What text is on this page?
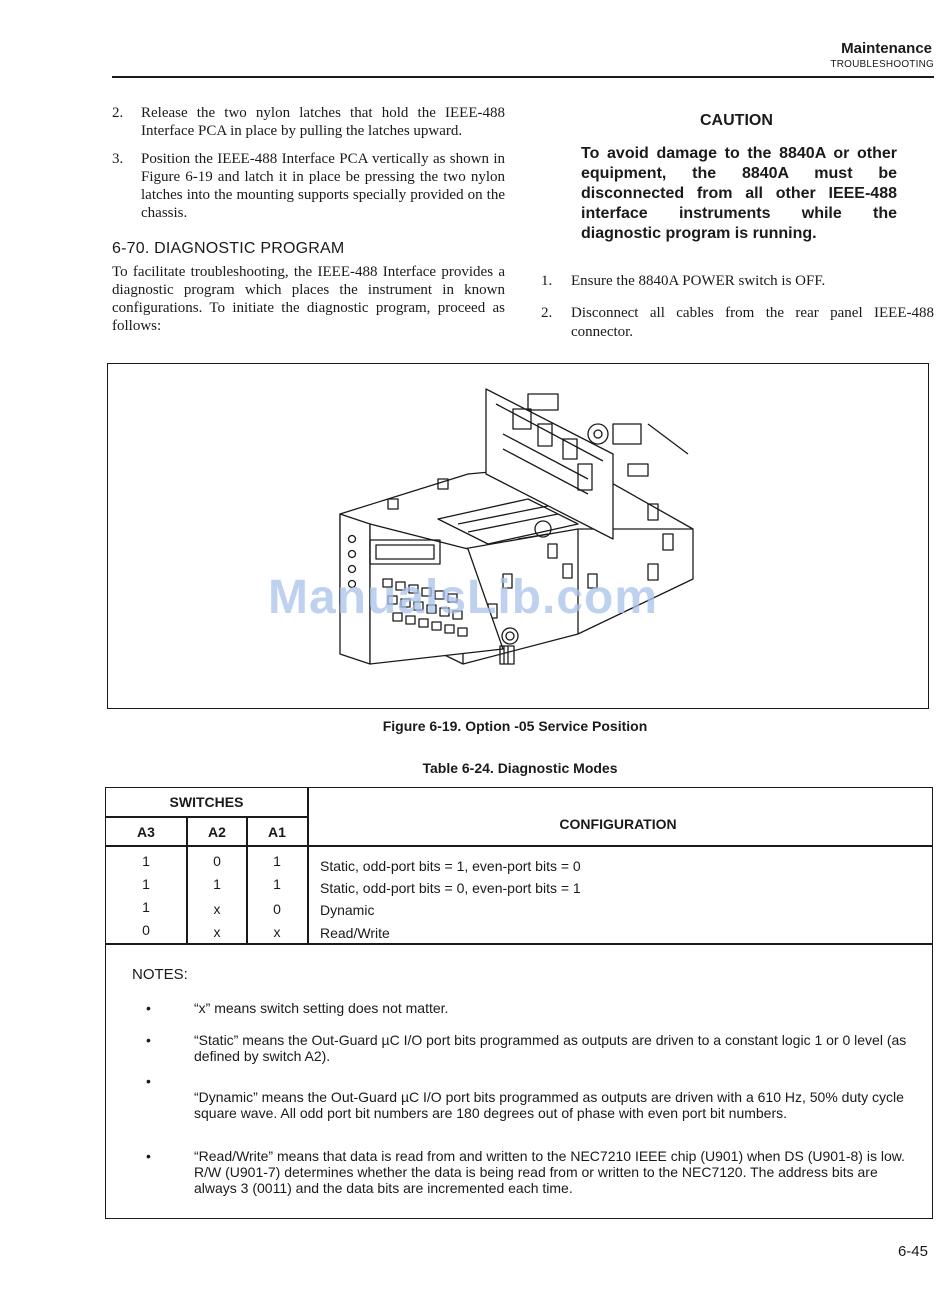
Maintenance
TROUBLESHOOTING
2.	Release the two nylon latches that hold the IEEE-488 Interface PCA in place by pulling the latches upward.
3.	Position the IEEE-488 Interface PCA vertically as shown in Figure 6-19 and latch it in place be pressing the two nylon latches into the mounting supports specially provided on the chassis.
6-70. DIAGNOSTIC PROGRAM
To facilitate troubleshooting, the IEEE-488 Interface provides a diagnostic program which places the instrument in known configurations. To initiate the diagnostic program, proceed as follows:
CAUTION
To avoid damage to the 8840A or other equipment, the 8840A must be disconnected from all other IEEE-488 interface instruments while the diagnostic program is running.
1.	Ensure the 8840A POWER switch is OFF.
2.	Disconnect all cables from the rear panel IEEE-488 connector.
ManualsLib.com
Figure 6-19. Option -05 Service Position
Table 6-24. Diagnostic Modes
SWITCHES
A3	A2	A1	CONFIGURATION
1	0	1	Static, odd-port bits = 1, even-port bits = 0
1	1	1	Static, odd-port bits = 0, even-port bits = 1
1	x	0	Dynamic
0	x	x	Read/Write
NOTES:
•	“x” means switch setting does not matter.
•	“Static” means the Out-Guard µC I/O port bits programmed as outputs are driven to a constant logic 1 or 0 level (as defined by switch A2).
•
“Dynamic” means the Out-Guard µC I/O port bits programmed as outputs are driven with a 610 Hz, 50% duty cycle square wave. All odd port bit numbers are 180 degrees out of phase with even port bit numbers.
•	“Read/Write” means that data is read from and written to the NEC7210 IEEE chip (U901) when DS (U901-8) is low. R/W (U901-7) determines whether the data is being read from or written to the NEC7120. The address bits are always 3 (0011) and the data bits are incremented each time.
6-45
